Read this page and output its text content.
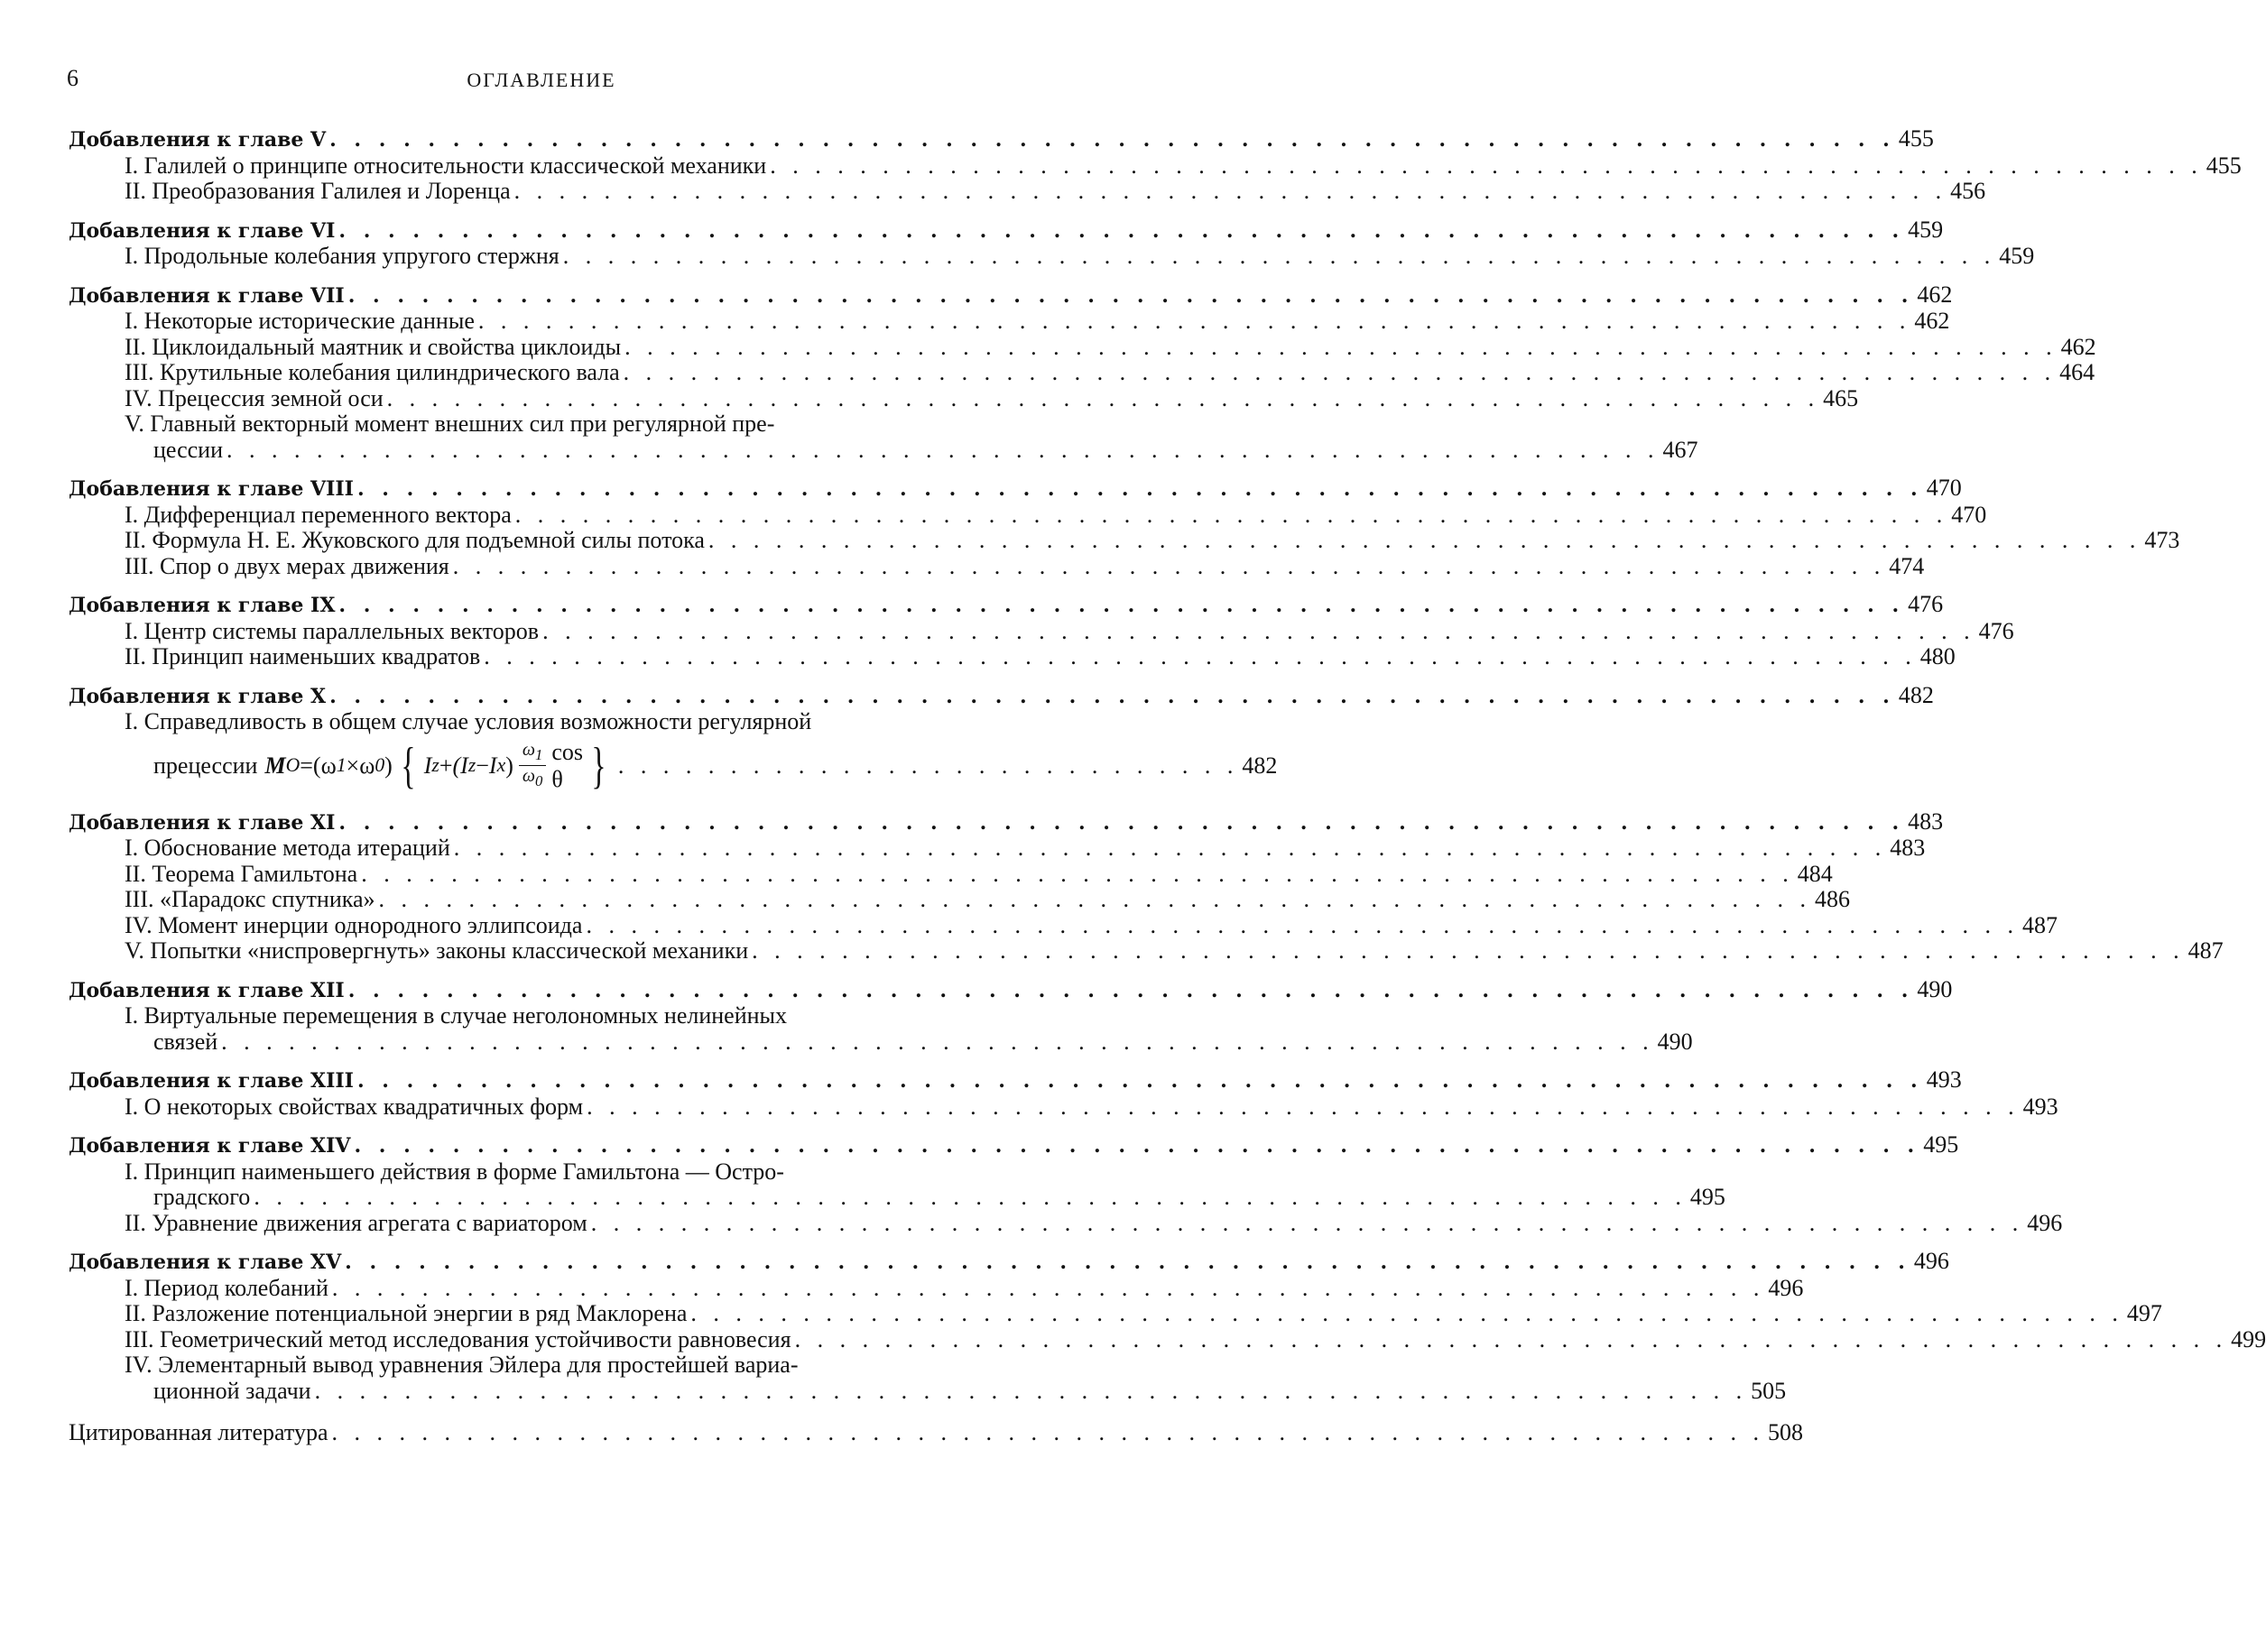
6	ОГЛАВЛЕНИЕ
Добавления к главе V . . .	455
I. Галилей о принципе относительности классической механики . . .	455
II. Преобразования Галилея и Лоренца . . .	456
Добавления к главе VI . . .	459
I. Продольные колебания упругого стержня . . .	459
Добавления к главе VII . . .	462
I. Некоторые исторические данные . . .	462
II. Циклоидальный маятник и свойства циклоиды . . .	462
III. Крутильные колебания цилиндрического вала . . .	464
IV. Прецессия земной оси . . .	465
V. Главный векторный момент внешних сил при регулярной пре-
цессии . . .	467
Добавления к главе VIII . . .	470
I. Дифференциал переменного вектора . . .	470
II. Формула Н. Е. Жуковского для подъемной силы потока . . .	473
III. Спор о двух мерах движения . . .	474
Добавления к главе IX . . .	476
I. Центр системы параллельных векторов . . .	476
II. Принцип наименьших квадратов . . .	480
Добавления к главе X . . .	482
I. Справедливость в общем случае условия возможности регулярной
прецессии M O = (ω 1 × ω 0 ) { I z + (I z − I x ) $\frac{\omega_1}{\omega_0}$ cos θ } . . .	482
Добавления к главе XI . . .	483
I. Обоснование метода итераций . . .	483
II. Теорема Гамильтона . . .	484
III. «Парадокс спутника» . . .	486
IV. Момент инерции однородного эллипсоида . . .	487
V. Попытки «ниспровергнуть» законы классической механики . . .	487
Добавления к главе XII . . .	490
I. Виртуальные перемещения в случае неголономных нелинейных
связей . . .	490
Добавления к главе XIII . . .	493
I. О некоторых свойствах квадратичных форм . . .	493
Добавления к главе XIV . . .	495
I. Принцип наименьшего действия в форме Гамильтона — Остро-
градского . . .	495
II. Уравнение движения агрегата с вариатором . . .	496
Добавления к главе XV . . .	496
I. Период колебаний . . .	496
II. Разложение потенциальной энергии в ряд Маклорена . . .	497
III. Геометрический метод исследования устойчивости равновесия . . .	499
IV. Элементарный вывод уравнения Эйлера для простейшей вариа-
ционной задачи . . .	505
Цитированная литература . . .	508
